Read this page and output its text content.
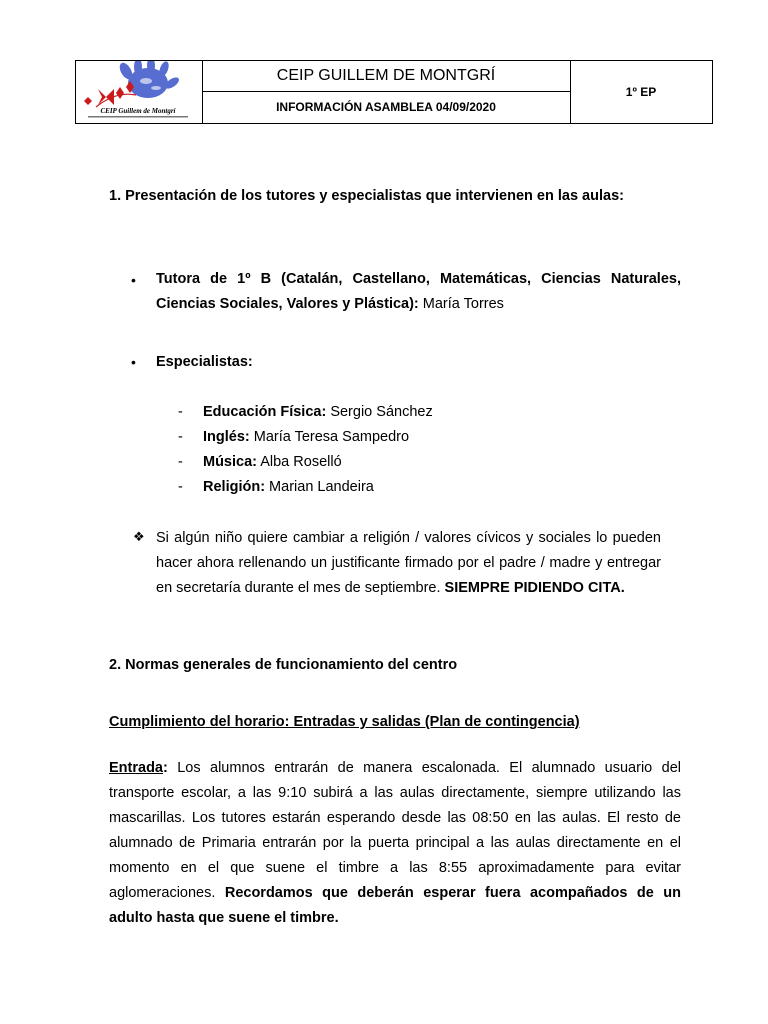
CEIP Guillem de Montgrí
CEIP GUILLEM DE MONTGRÍ
INFORMACIÓN ASAMBLEA 04/09/2020
1º EP

1. Presentación de los tutores y especialistas que intervienen en las aulas:

• Tutora de 1º B (Catalán, Castellano, Matemáticas, Ciencias Naturales, Ciencias Sociales, Valores y Plástica): María Torres

• Especialistas:

- Educación Física: Sergio Sánchez
- Inglés: María Teresa Sampedro
- Música: Alba Roselló
- Religión: Marian Landeira
❖ Si algún niño quiere cambiar a religión / valores cívicos y sociales lo pueden hacer ahora rellenando un justificante firmado por el padre / madre y entregar en secretaría durante el mes de septiembre. SIEMPRE PIDIENDO CITA.

2. Normas generales de funcionamiento del centro

Cumplimiento del horario: Entradas y salidas (Plan de contingencia)

Entrada: Los alumnos entrarán de manera escalonada. El alumnado usuario del transporte escolar, a las 9:10 subirá a las aulas directamente, siempre utilizando las mascarillas. Los tutores estarán esperando desde las 08:50 en las aulas. El resto de alumnado de Primaria entrarán por la puerta principal a las aulas directamente en el momento en el que suene el timbre a las 8:55 aproximadamente para evitar aglomeraciones. Recordamos que deberán esperar fuera acompañados de un adulto hasta que suene el timbre.
